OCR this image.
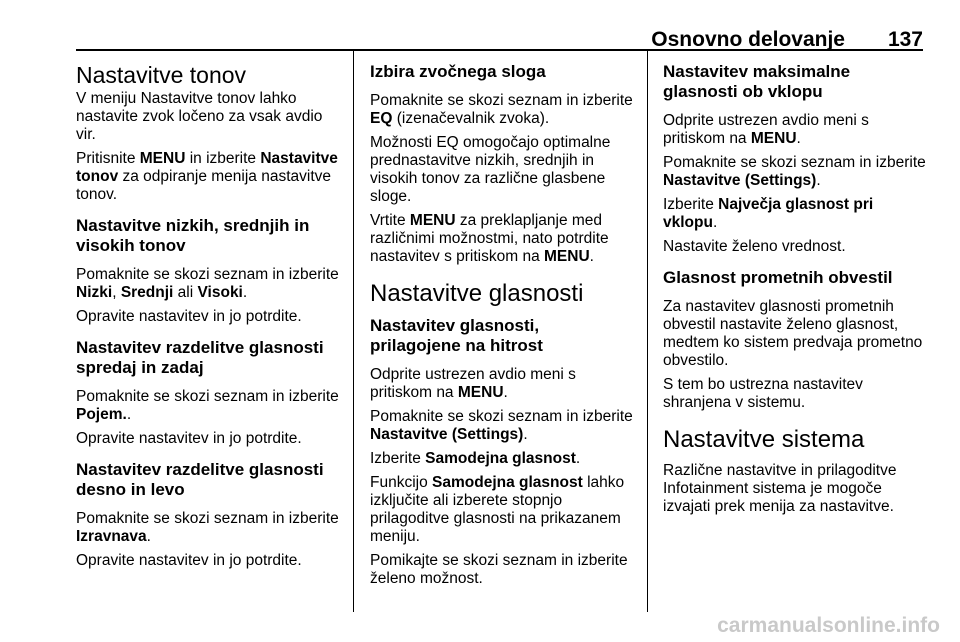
Osnovno delovanje 137
Nastavitve tonov

V meniju Nastavitve tonov lahko nastavite zvok ločeno za vsak avdio vir.

Pritisnite MENU in izberite Nastavitve tonov za odpiranje menija nastavitve tonov.

Nastavitve nizkih, srednjih in visokih tonov

Pomaknite se skozi seznam in izberite Nizki, Srednji ali Visoki.

Opravite nastavitev in jo potrdite.

Nastavitev razdelitve glasnosti spredaj in zadaj

Pomaknite se skozi seznam in izberite Pojem..

Opravite nastavitev in jo potrdite.

Nastavitev razdelitve glasnosti desno in levo

Pomaknite se skozi seznam in izberite Izravnava.

Opravite nastavitev in jo potrdite.

Izbira zvočnega sloga

Pomaknite se skozi seznam in izberite EQ (izenačevalnik zvoka).

Možnosti EQ omogočajo optimalne prednastavitve nizkih, srednjih in visokih tonov za različne glasbene sloge.

Vrtite MENU za preklapljanje med različnimi možnostmi, nato potrdite nastavitev s pritiskom na MENU.

Nastavitve glasnosti
Nastavitev glasnosti, prilagojene na hitrost

Odprite ustrezen avdio meni s pritiskom na MENU.

Pomaknite se skozi seznam in izberite Nastavitve (Settings).

Izberite Samodejna glasnost.

Funkcijo Samodejna glasnost lahko izključite ali izberete stopnjo prilagoditve glasnosti na prikazanem meniju.

Pomikajte se skozi seznam in izberite želeno možnost.

Nastavitev maksimalne glasnosti ob vklopu

Odprite ustrezen avdio meni s pritiskom na MENU.

Pomaknite se skozi seznam in izberite Nastavitve (Settings).

Izberite Največja glasnost pri vklopu.

Nastavite želeno vrednost.

Glasnost prometnih obvestil

Za nastavitev glasnosti prometnih obvestil nastavite želeno glasnost, medtem ko sistem predvaja prometno obvestilo.

S tem bo ustrezna nastavitev shranjena v sistemu.

Nastavitve sistema

Različne nastavitve in prilagoditve Infotainment sistema je mogoče izvajati prek menija za nastavitve.

carmanualsonline.info
